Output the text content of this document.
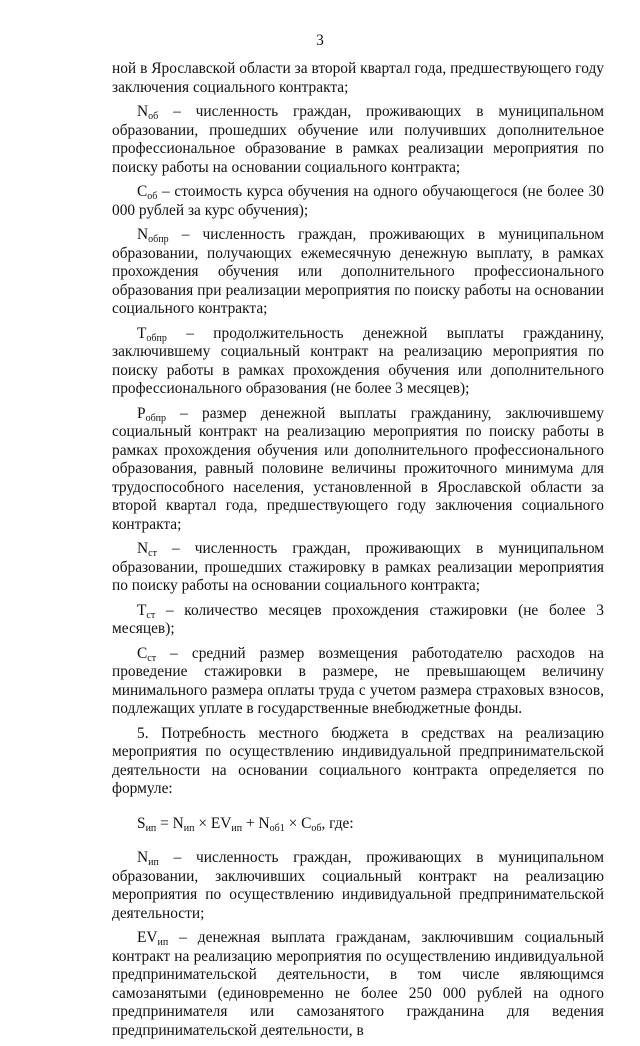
3

ной в Ярославской области за второй квартал года, предшествующего году заключения социального контракта;

$N_{об}$ – численность граждан, проживающих в муниципальном образовании, прошедших обучение или получивших дополнительное профессиональное образование в рамках реализации мероприятия по поиску работы на основании социального контракта;

$С_{об}$ – стоимость курса обучения на одного обучающегося (не более 30 000 рублей за курс обучения);

$N_{обпр}$ – численность граждан, проживающих в муниципальном образовании, получающих ежемесячную денежную выплату, в рамках прохождения обучения или дополнительного профессионального образования при реализации мероприятия по поиску работы на основании социального контракта;

$Т_{обпр}$ – продолжительность денежной выплаты гражданину, заключившему социальный контракт на реализацию мероприятия по поиску работы в рамках прохождения обучения или дополнительного профессионального образования (не более 3 месяцев);

$Р_{обпр}$ – размер денежной выплаты гражданину, заключившему социальный контракт на реализацию мероприятия по поиску работы в рамках прохождения обучения или дополнительного профессионального образования, равный половине величины прожиточного минимума для трудоспособного населения, установленной в Ярославской области за второй квартал года, предшествующего году заключения социального контракта;

$N_{ст}$ – численность граждан, проживающих в муниципальном образовании, прошедших стажировку в рамках реализации мероприятия по поиску работы на основании социального контракта;

$Т_{ст}$ – количество месяцев прохождения стажировки (не более 3 месяцев);

$С_{ст}$ – средний размер возмещения работодателю расходов на проведение стажировки в размере, не превышающем величину минимального размера оплаты труда с учетом размера страховых взносов, подлежащих уплате в государственные внебюджетные фонды.

5. Потребность местного бюджета в средствах на реализацию мероприятия по осуществлению индивидуальной предпринимательской деятельности на основании социального контракта определяется по формуле:

$S_{ип} = N_{ип} \times EV_{ип} + N_{об1} \times С_{об}$, где:

$N_{ип}$ – численность граждан, проживающих в муниципальном образовании, заключивших социальный контракт на реализацию мероприятия по осуществлению индивидуальной предпринимательской деятельности;

$EV_{ип}$ – денежная выплата гражданам, заключившим социальный контракт на реализацию мероприятия по осуществлению индивидуальной предпринимательской деятельности, в том числе являющимся самозанятыми (единовременно не более 250 000 рублей на одного предпринимателя или самозанятого гражданина для ведения предпринимательской деятельности, в
